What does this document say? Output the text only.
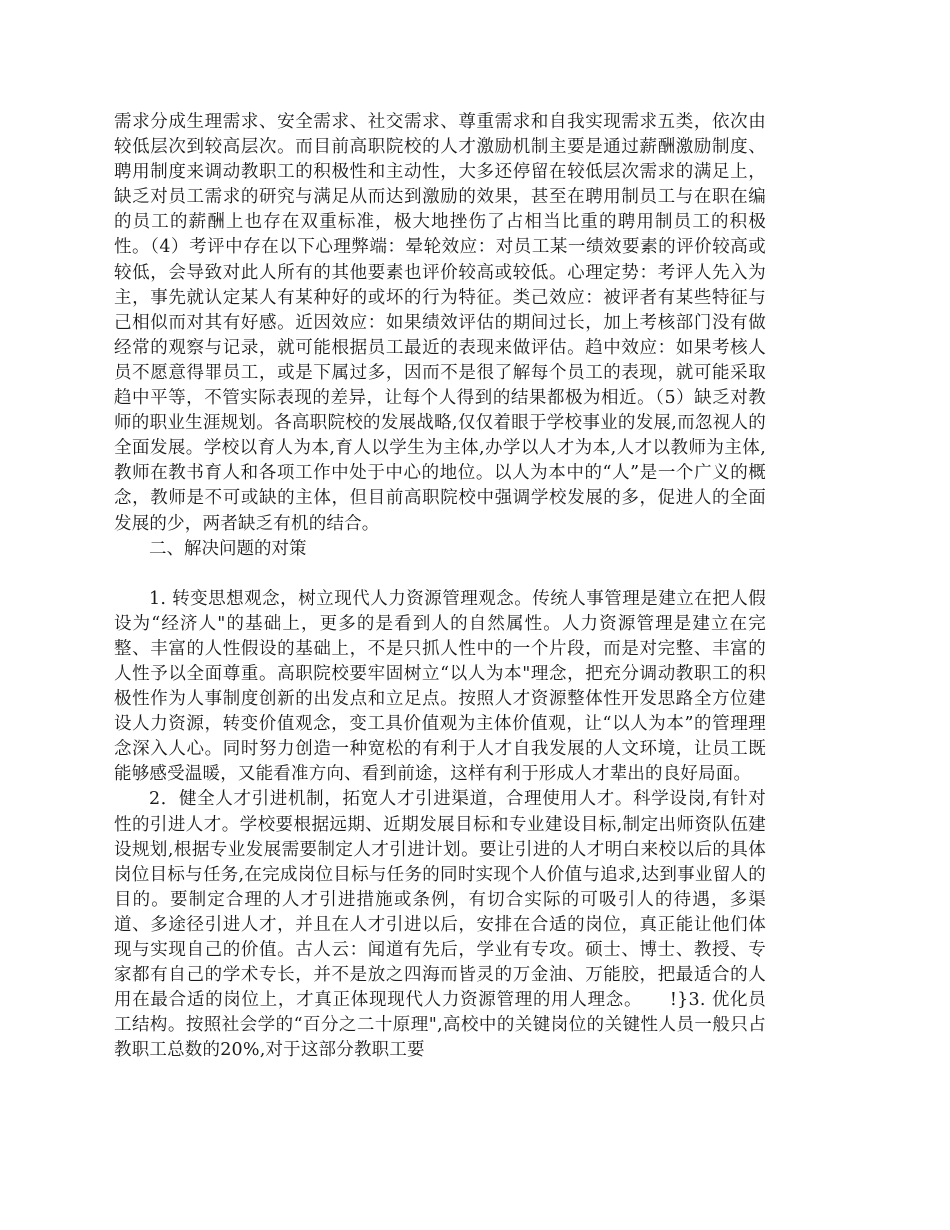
需求分成生理需求、安全需求、社交需求、尊重需求和自我实现需求五类，依次由较低层次到较高层次。而目前高职院校的人才激励机制主要是通过薪酬激励制度、聘用制度来调动教职工的积极性和主动性，大多还停留在较低层次需求的满足上，缺乏对员工需求的研究与满足从而达到激励的效果，甚至在聘用制员工与在职在编的员工的薪酬上也存在双重标准，极大地挫伤了占相当比重的聘用制员工的积极性。（4）考评中存在以下心理弊端：晕轮效应：对员工某一绩效要素的评价较高或较低，会导致对此人所有的其他要素也评价较高或较低。心理定势：考评人先入为主，事先就认定某人有某种好的或坏的行为特征。类己效应：被评者有某些特征与己相似而对其有好感。近因效应：如果绩效评估的期间过长，加上考核部门没有做经常的观察与记录，就可能根据员工最近的表现来做评估。趋中效应：如果考核人员不愿意得罪员工，或是下属过多，因而不是很了解每个员工的表现，就可能采取趋中平等，不管实际表现的差异，让每个人得到的结果都极为相近。（5）缺乏对教师的职业生涯规划。各高职院校的发展战略,仅仅着眼于学校事业的发展,而忽视人的全面发展。学校以育人为本,育人以学生为主体,办学以人才为本,人才以教师为主体,教师在教书育人和各项工作中处于中心的地位。以人为本中的“人”是一个广义的概念，教师是不可或缺的主体，但目前高职院校中强调学校发展的多，促进人的全面发展的少，两者缺乏有机的结合。

二、解决问题的对策

1. 转变思想观念，树立现代人力资源管理观念。传统人事管理是建立在把人假设为“经济人"的基础上，更多的是看到人的自然属性。人力资源管理是建立在完整、丰富的人性假设的基础上，不是只抓人性中的一个片段，而是对完整、丰富的人性予以全面尊重。高职院校要牢固树立“以人为本"理念，把充分调动教职工的积极性作为人事制度创新的出发点和立足点。按照人才资源整体性开发思路全方位建设人力资源，转变价值观念，变工具价值观为主体价值观，让“以人为本”的管理理念深入人心。同时努力创造一种宽松的有利于人才自我发展的人文环境，让员工既能够感受温暖，又能看准方向、看到前途，这样有利于形成人才辈出的良好局面。

2．健全人才引进机制，拓宽人才引进渠道，合理使用人才。科学设岗,有针对性的引进人才。学校要根据远期、近期发展目标和专业建设目标,制定出师资队伍建设规划,根据专业发展需要制定人才引进计划。要让引进的人才明白来校以后的具体岗位目标与任务,在完成岗位目标与任务的同时实现个人价值与追求,达到事业留人的目的。要制定合理的人才引进措施或条例，有切合实际的可吸引人的待遇，多渠道、多途径引进人才，并且在人才引进以后，安排在合适的岗位，真正能让他们体现与实现自己的价值。古人云：闻道有先后，学业有专攻。硕士、博士、教授、专家都有自己的学术专长，并不是放之四海而皆灵的万金油、万能胶，把最适合的人用在最合适的岗位上，才真正体现现代人力资源管理的用人理念。　　!}3. 优化员工结构。按照社会学的“百分之二十原理",高校中的关键岗位的关键性人员一般只占教职工总数的20%,对于这部分教职工要
